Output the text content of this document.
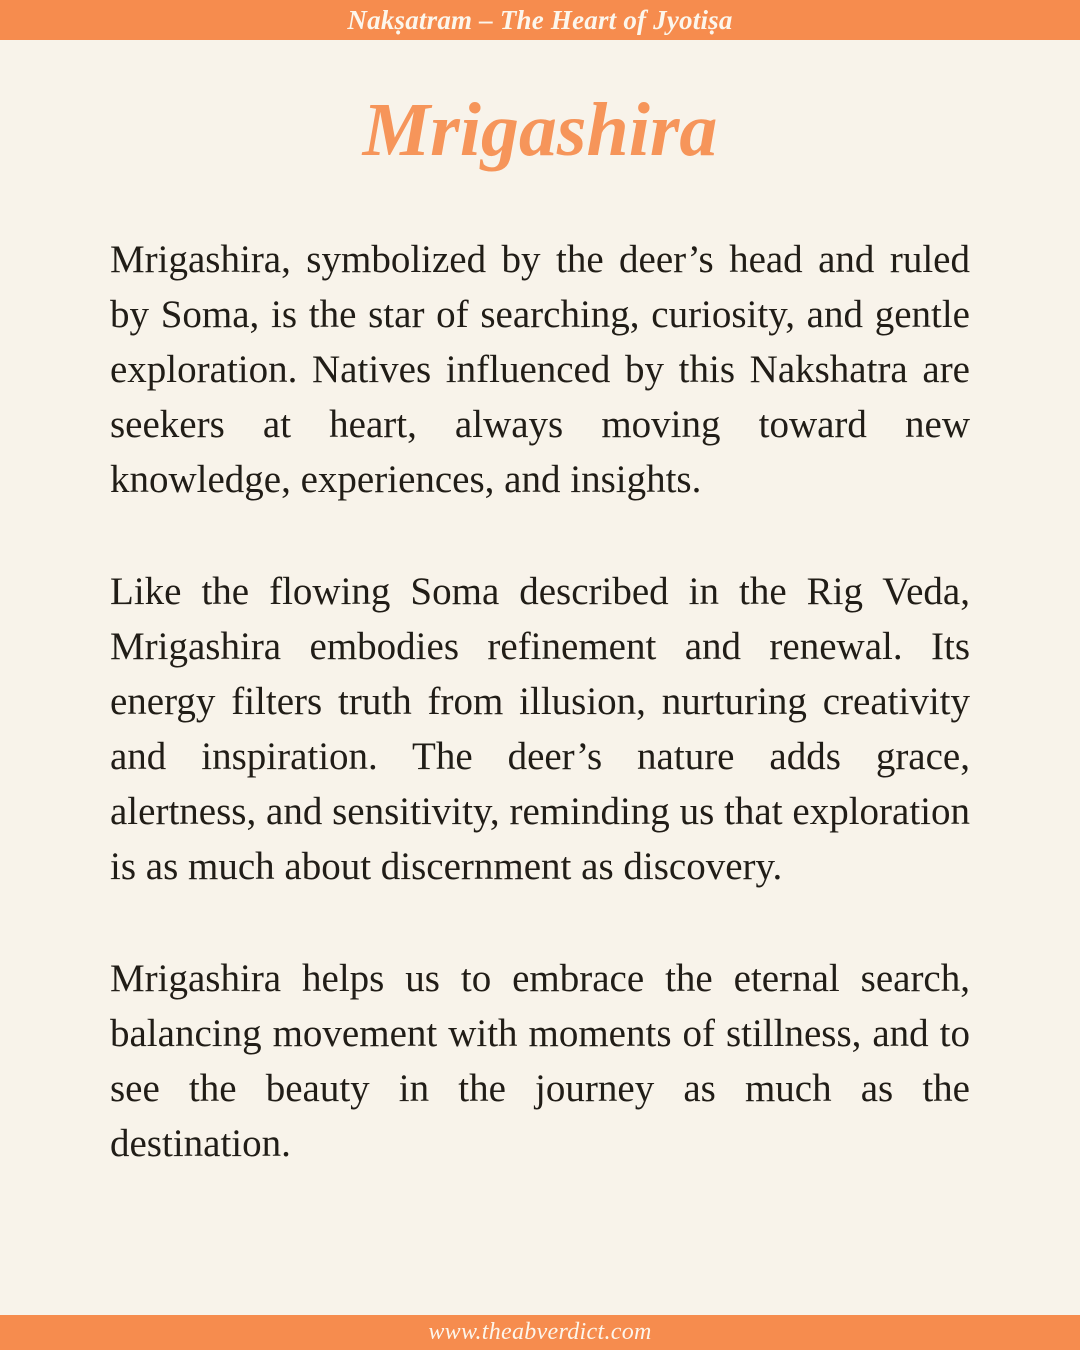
Nakṣatram – The Heart of Jyotiṣa
Mrigashira

Mrigashira, symbolized by the deer’s head and ruled by Soma, is the star of searching, curiosity, and gentle exploration. Natives influenced by this Nakshatra are seekers at heart, always moving toward new knowledge, experiences, and insights.

Like the flowing Soma described in the Rig Veda, Mrigashira embodies refinement and renewal. Its energy filters truth from illusion, nurturing creativity and inspiration. The deer’s nature adds grace, alertness, and sensitivity, reminding us that exploration is as much about discernment as discovery.

Mrigashira helps us to embrace the eternal search, balancing movement with moments of stillness, and to see the beauty in the journey as much as the destination.

www.theabverdict.com
